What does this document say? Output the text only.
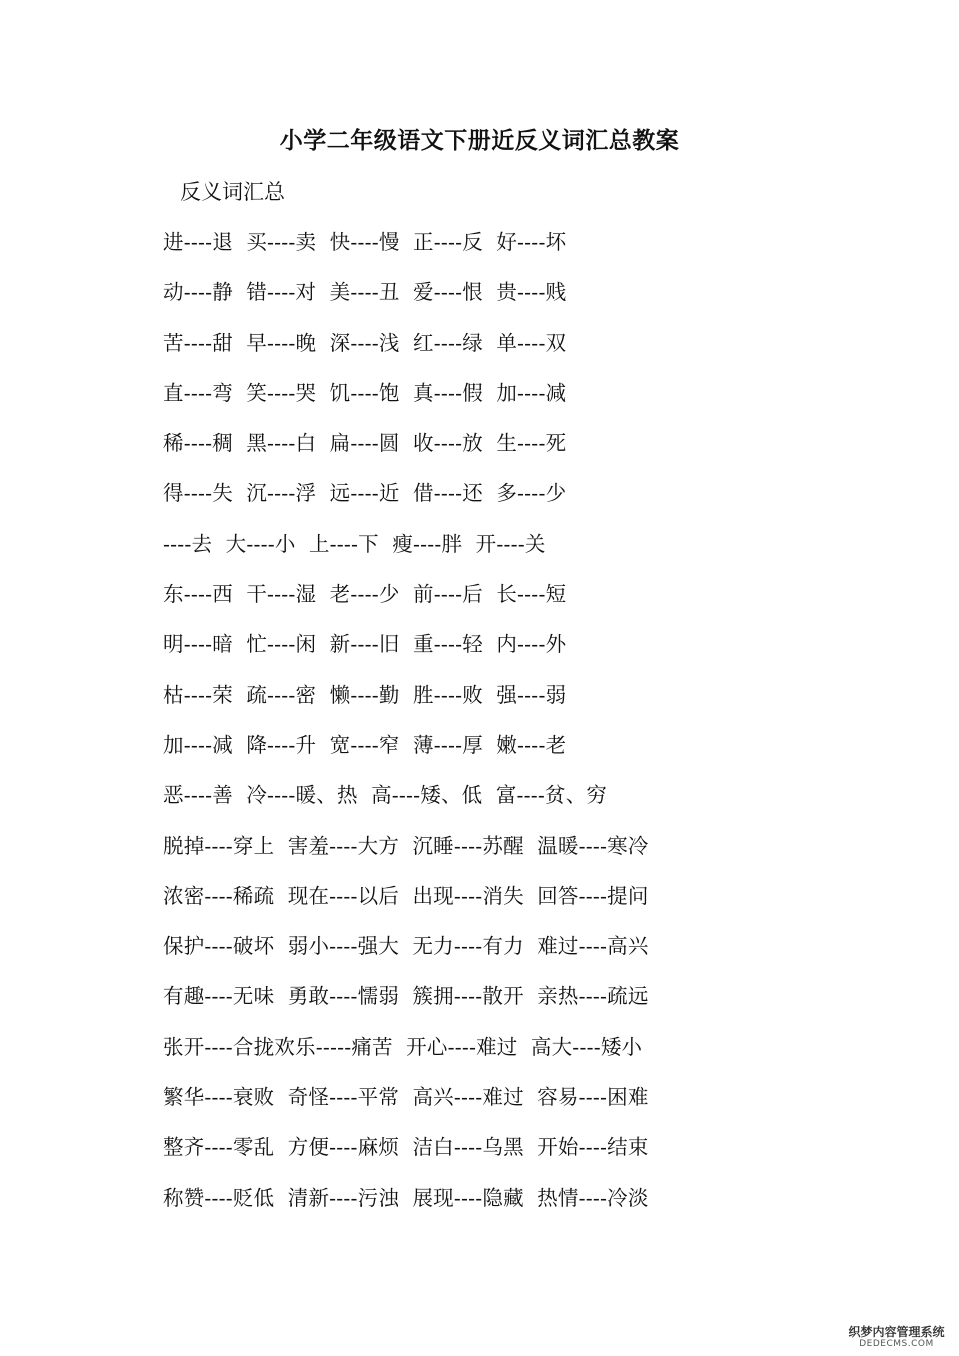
小学二年级语文下册近反义词汇总教案
反义词汇总
进----退  买----卖  快----慢  正----反  好----坏
动----静  错----对  美----丑  爱----恨  贵----贱
苦----甜  早----晚  深----浅  红----绿  单----双
直----弯  笑----哭  饥----饱  真----假  加----减
稀----稠  黑----白  扁----圆  收----放  生----死
得----失  沉----浮  远----近  借----还  多----少
----去  大----小  上----下  瘦----胖  开----关
东----西  干----湿  老----少  前----后  长----短
明----暗  忙----闲  新----旧  重----轻  内----外
枯----荣  疏----密  懒----勤  胜----败  强----弱
加----减  降----升  宽----窄  薄----厚  嫩----老
恶----善  冷----暖、热  高----矮、低  富----贫、穷
脱掉----穿上  害羞----大方  沉睡----苏醒  温暖----寒冷
浓密----稀疏  现在----以后  出现----消失  回答----提问
保护----破坏  弱小----强大  无力----有力  难过----高兴
有趣----无味  勇敢----懦弱  簇拥----散开  亲热----疏远
张开----合拢欢乐-----痛苦  开心----难过  高大----矮小
繁华----衰败  奇怪----平常  高兴----难过  容易----困难
整齐----零乱  方便----麻烦  洁白----乌黑  开始----结束
称赞----贬低  清新----污浊  展现----隐藏  热情----冷淡
织梦内容管理系统
DEDECMS.COM
